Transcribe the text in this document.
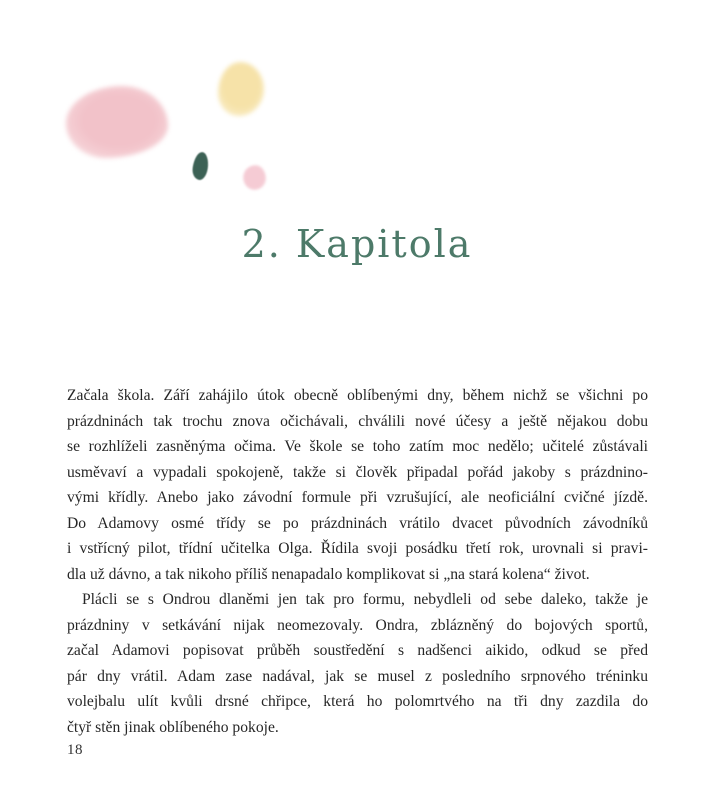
2. Kapitola
Začala škola. Září zahájilo útok obecně oblíbenými dny, během nichž se všichni po
prázdninách tak trochu znova očichávali, chválili nové účesy a ještě nějakou dobu
se rozhlíželi zasněnýma očima. Ve škole se toho zatím moc nedělo; učitelé zůstávali
usměvaví a vypadali spokojeně, takže si člověk připadal pořád jakoby s prázdnino-
vými křídly. Anebo jako závodní formule při vzrušující, ale neoficiální cvičné jízdě.
Do Adamovy osmé třídy se po prázdninách vrátilo dvacet původních závodníků
i vstřícný pilot, třídní učitelka Olga. Řídila svoji posádku třetí rok, urovnali si pravi-
dla už dávno, a tak nikoho příliš nenapadalo komplikovat si „na stará kolena“ život.
Plácli se s Ondrou dlaněmi jen tak pro formu, nebydleli od sebe daleko, takže je
prázdniny v setkávání nijak neomezovaly. Ondra, zblázněný do bojových sportů,
začal Adamovi popisovat průběh soustředění s nadšenci aikido, odkud se před
pár dny vrátil. Adam zase nadával, jak se musel z posledního srpnového tréninku
volejbalu ulít kvůli drsné chřipce, která ho polomrtvého na tři dny zazdila do
čtyř stěn jinak oblíbeného pokoje.
18
